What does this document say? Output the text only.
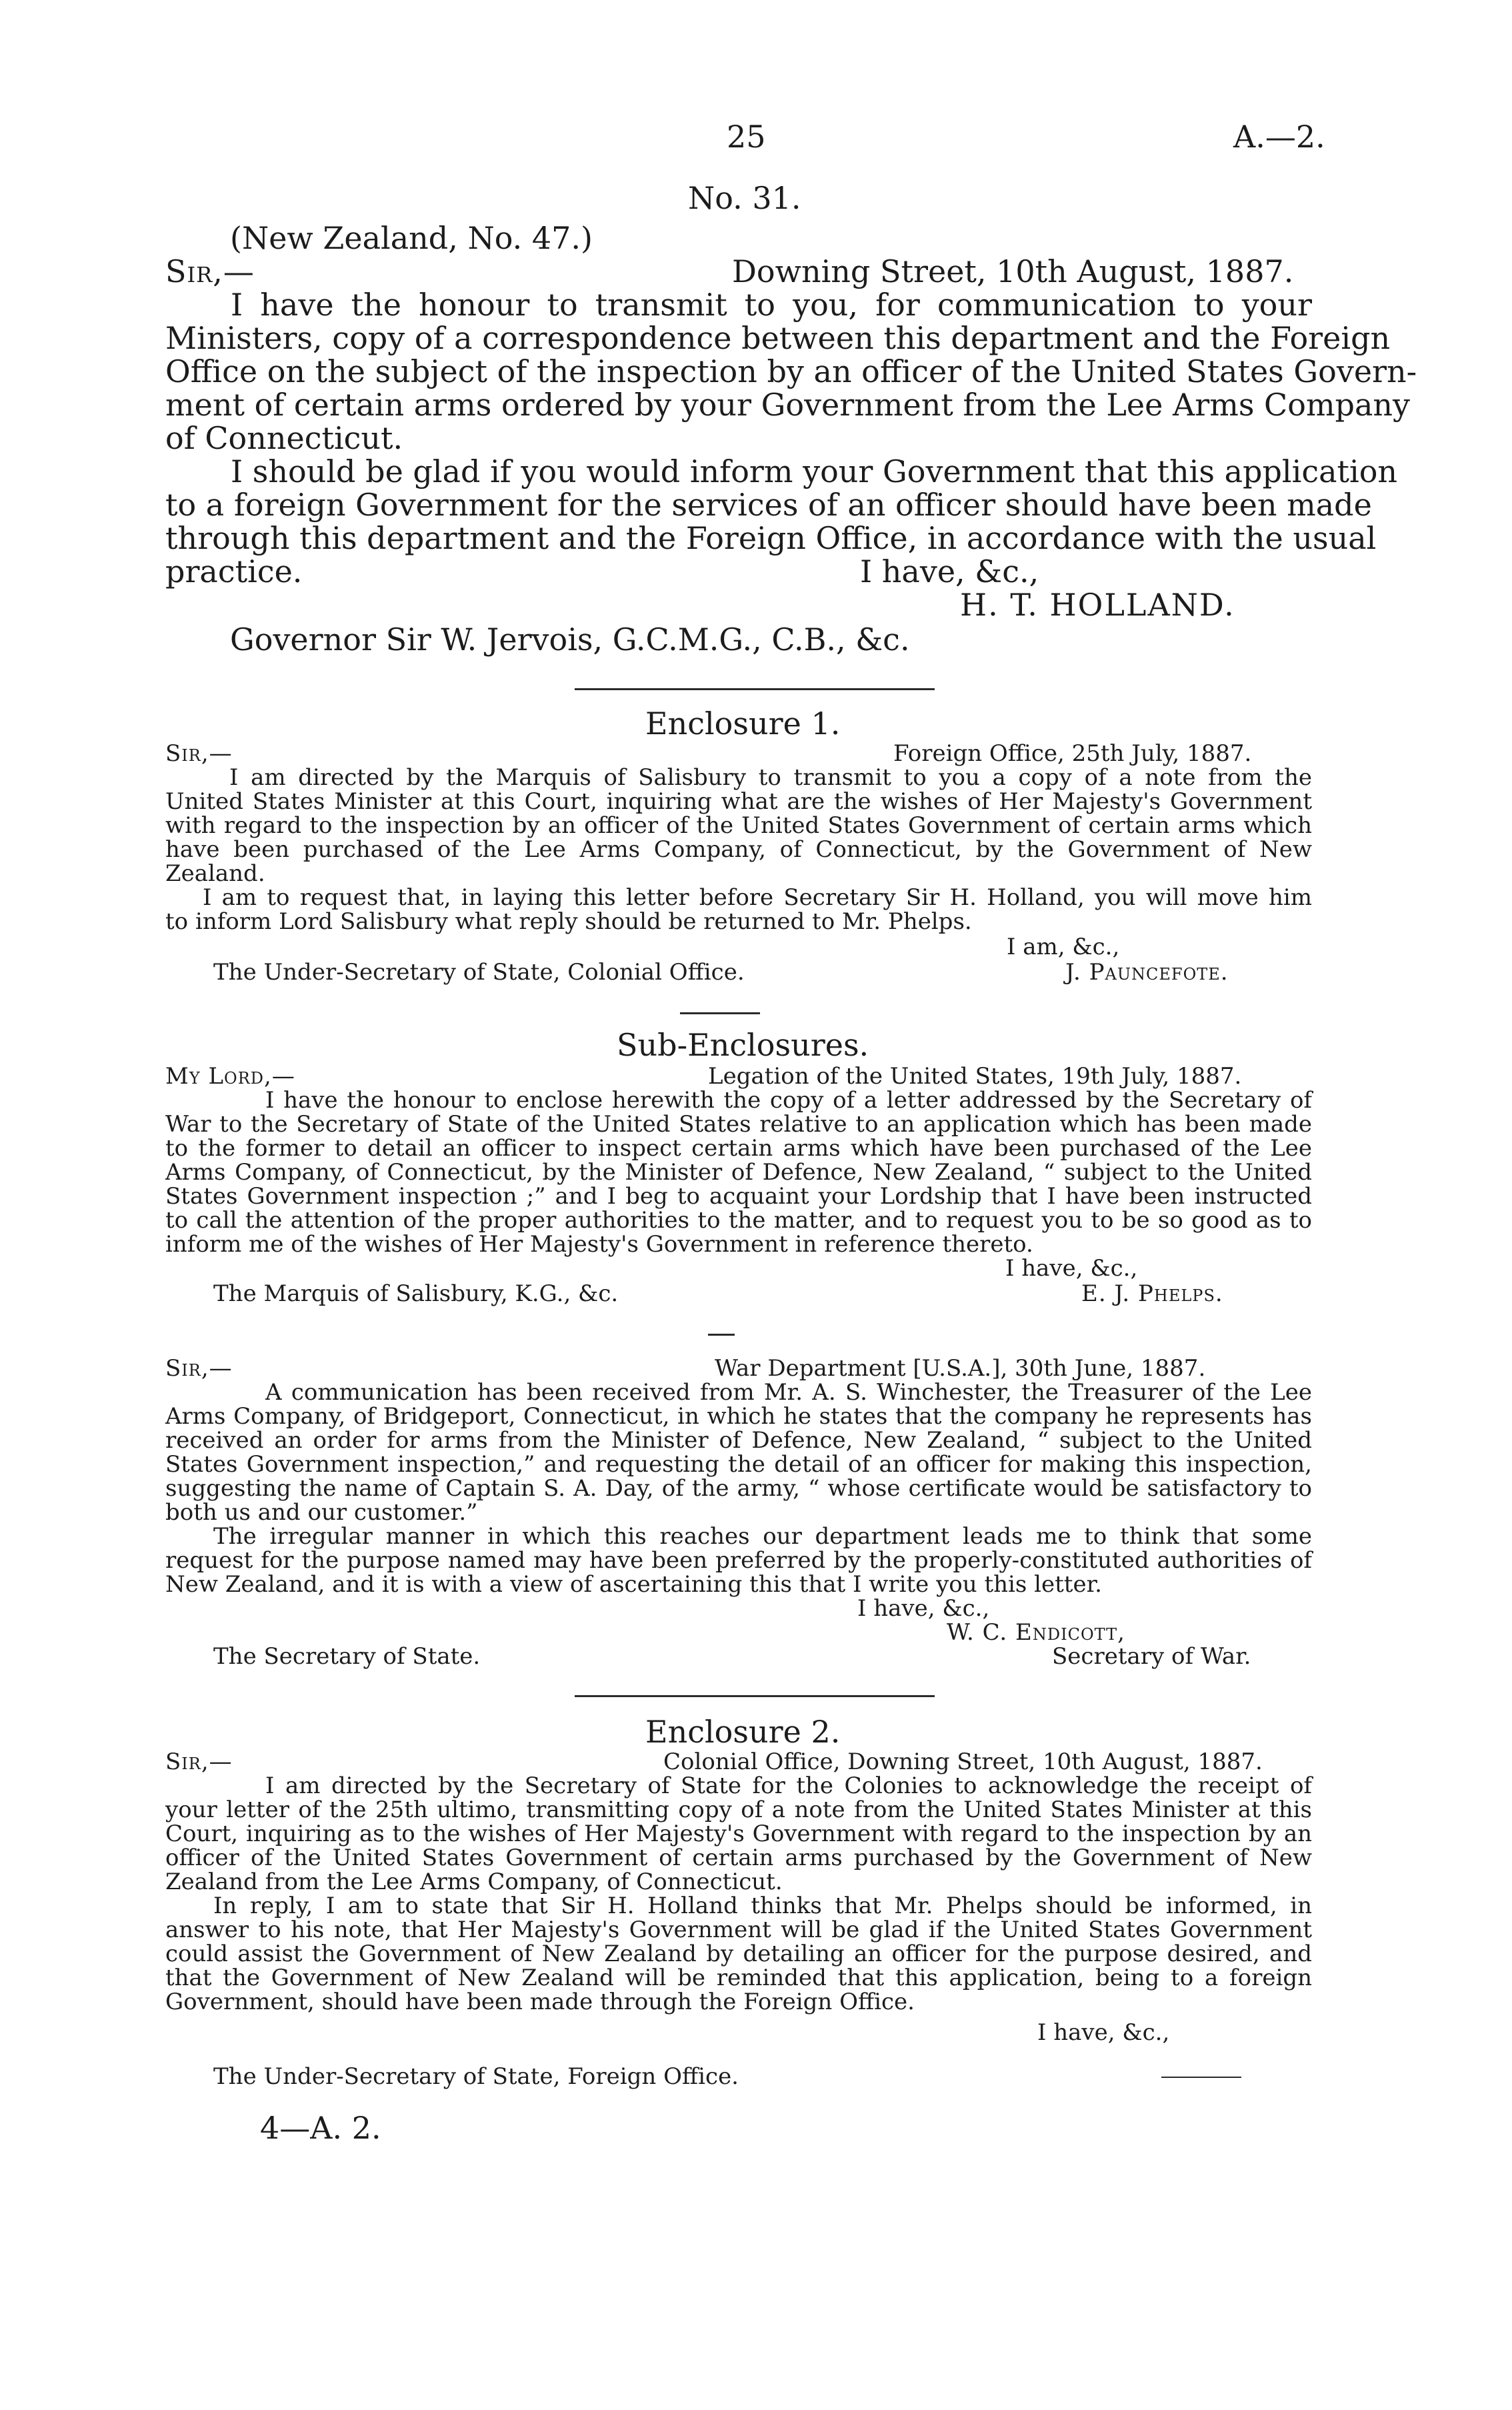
25	A.—2.
No. 31.
(New Zealand, No. 47.)
Sir,—	Downing Street, 10th August, 1887.
I have the honour to transmit to you, for communication to your
Ministers, copy of a correspondence between this department and the Foreign
Office on the subject of the inspection by an officer of the United States Govern-
ment of certain arms ordered by your Government from the Lee Arms Company
of Connecticut.
I should be glad if you would inform your Government that this application
to a foreign Government for the services of an officer should have been made
through this department and the Foreign Office, in accordance with the usual
practice.	I have, &c.,
H. T. HOLLAND.
Governor Sir W. Jervois, G.C.M.G., C.B., &c.
Enclosure 1.
Sir,—	Foreign Office, 25th July, 1887.
I am directed by the Marquis of Salisbury to transmit to you a copy of a note from the
United States Minister at this Court, inquiring what are the wishes of Her Majesty's Government
with regard to the inspection by an officer of the United States Government of certain arms which
have been purchased of the Lee Arms Company, of Connecticut, by the Government of New
Zealand.
I am to request that, in laying this letter before Secretary Sir H. Holland, you will move him
to inform Lord Salisbury what reply should be returned to Mr. Phelps.
I am, &c.,
The Under-Secretary of State, Colonial Office.	J. Pauncefote.
Sub-Enclosures.
My Lord,—	Legation of the United States, 19th July, 1887.
I have the honour to enclose herewith the copy of a letter addressed by the Secretary of
War to the Secretary of State of the United States relative to an application which has been made
to the former to detail an officer to inspect certain arms which have been purchased of the Lee
Arms Company, of Connecticut, by the Minister of Defence, New Zealand, “ subject to the United
States Government inspection ;” and I beg to acquaint your Lordship that I have been instructed
to call the attention of the proper authorities to the matter, and to request you to be so good as to
inform me of the wishes of Her Majesty's Government in reference thereto.
I have, &c.,
The Marquis of Salisbury, K.G., &c.	E. J. Phelps.
Sir,—	War Department [U.S.A.], 30th June, 1887.
A communication has been received from Mr. A. S. Winchester, the Treasurer of the Lee
Arms Company, of Bridgeport, Connecticut, in which he states that the company he represents has
received an order for arms from the Minister of Defence, New Zealand, “ subject to the United
States Government inspection,” and requesting the detail of an officer for making this inspection,
suggesting the name of Captain S. A. Day, of the army, “ whose certificate would be satisfactory to
both us and our customer.”
The irregular manner in which this reaches our department leads me to think that some
request for the purpose named may have been preferred by the properly-constituted authorities of
New Zealand, and it is with a view of ascertaining this that I write you this letter.
I have, &c.,
W. C. Endicott,
The Secretary of State.	Secretary of War.
Enclosure 2.
Sir,—	Colonial Office, Downing Street, 10th August, 1887.
I am directed by the Secretary of State for the Colonies to acknowledge the receipt of
your letter of the 25th ultimo, transmitting copy of a note from the United States Minister at this
Court, inquiring as to the wishes of Her Majesty's Government with regard to the inspection by an
officer of the United States Government of certain arms purchased by the Government of New
Zealand from the Lee Arms Company, of Connecticut.
In reply, I am to state that Sir H. Holland thinks that Mr. Phelps should be informed, in
answer to his note, that Her Majesty's Government will be glad if the United States Government
could assist the Government of New Zealand by detailing an officer for the purpose desired, and
that the Government of New Zealand will be reminded that this application, being to a foreign
Government, should have been made through the Foreign Office.
I have, &c.,
The Under-Secretary of State, Foreign Office.
4—A. 2.
